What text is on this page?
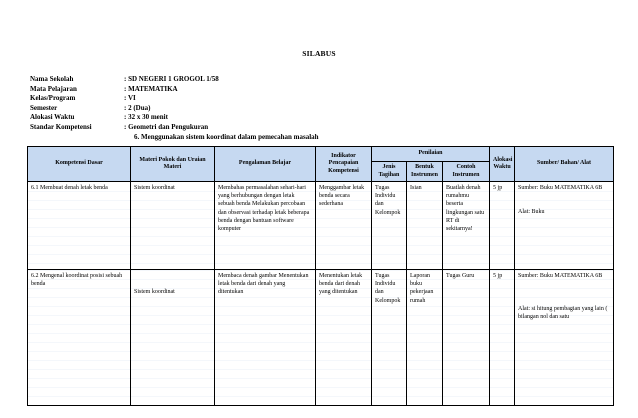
SILABUS
Nama Sekolah	: SD NEGERI 1 GROGOL 1/58
Mata Pelajaran	: MATEMATIKA
Kelas/Program	: VI
Semester	: 2 (Dua)
Alokasi Waktu	: 32 x 30 menit
Standar Kompetensi	: Geometri dan Pengukuran
6. Menggunakan sistem koordinat dalam pemecahan masalah
Kompetensi Dasar	Materi Pokok dan Uraian Materi	Pengalaman Belajar	Indikator Pencapaian Kompetensi	Penilaian			Alokasi Waktu	Sumber/ Bahan/ Alat
				Jenis Tagihan	Bentuk Instrumen	Contoh Instrumen		
6.1 Membuat denah letak benda	Sistem koordinat	Membahas permasalahan sehari-hari yang berhubungan dengan letak sebuah benda Melakukan percobaan dan observasi terhadap letak beberapa benda dengan bantuan software komputer	Menggambar letak benda secara sederhana	Tugas Individu dan Kelompok	Isian	Buatlah denah rumahmu beserta lingkungan satu RT di sekitarnya!	5 jp	Sumber: Buku MATEMATIKA 6B
Alat: Buku
6.2 Mengenal koordinat posisi sebuah benda	Sistem koordinat	Membaca denah gambar Menentukan letak benda dari denah yang ditentukan	Menentukan letak benda dari denah yang ditentukan	Tugas Individu dan Kelompok	Laporan buku pekerjaan rumah	Tugas Guru	5 jp	Sumber: Buku MATEMATIKA 6B
Alat: si hitung pembagian yang lain ( bilangan nol dan satu
